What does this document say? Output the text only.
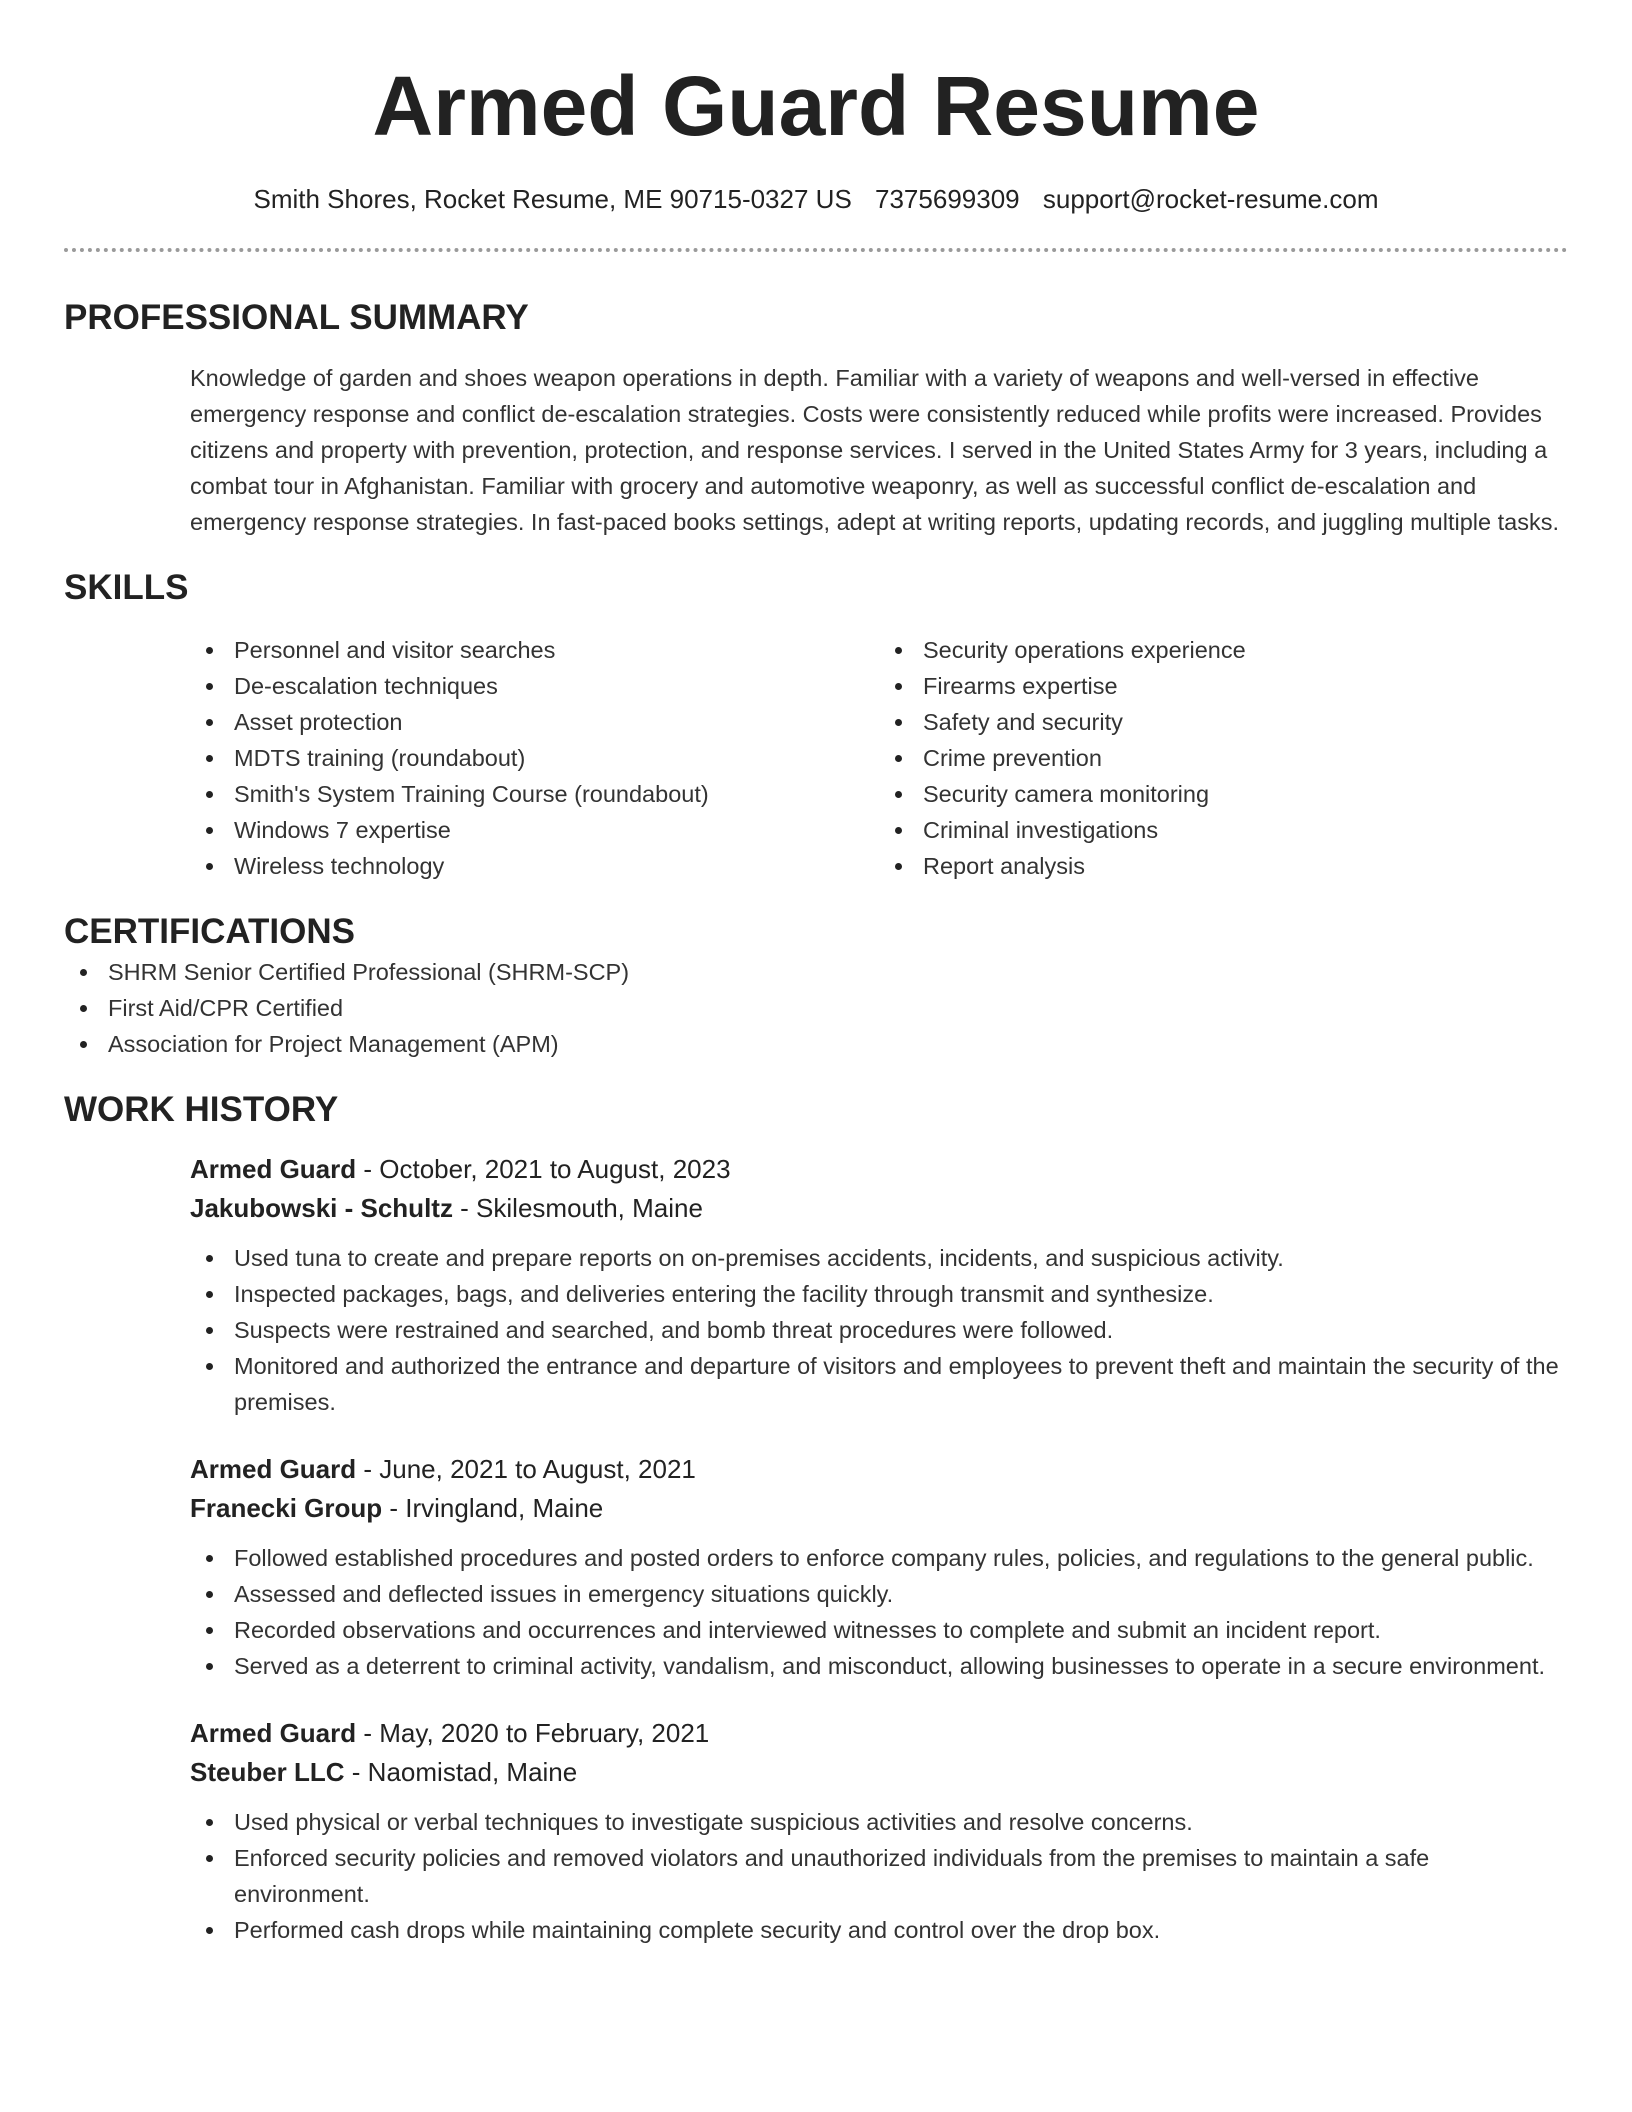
Armed Guard Resume
Smith Shores, Rocket Resume, ME 90715-0327 US 7375699309 support@rocket-resume.com
PROFESSIONAL SUMMARY
Knowledge of garden and shoes weapon operations in depth. Familiar with a variety of weapons and well-versed in effective emergency response and conflict de-escalation strategies. Costs were consistently reduced while profits were increased. Provides citizens and property with prevention, protection, and response services. I served in the United States Army for 3 years, including a combat tour in Afghanistan. Familiar with grocery and automotive weaponry, as well as successful conflict de-escalation and emergency response strategies. In fast-paced books settings, adept at writing reports, updating records, and juggling multiple tasks.
SKILLS
Personnel and visitor searches
De-escalation techniques
Asset protection
MDTS training (roundabout)
Smith's System Training Course (roundabout)
Windows 7 expertise
Wireless technology
Security operations experience
Firearms expertise
Safety and security
Crime prevention
Security camera monitoring
Criminal investigations
Report analysis
CERTIFICATIONS
SHRM Senior Certified Professional (SHRM-SCP)
First Aid/CPR Certified
Association for Project Management (APM)
WORK HISTORY
Armed Guard - October, 2021 to August, 2023
Jakubowski - Schultz - Skilesmouth, Maine
Used tuna to create and prepare reports on on-premises accidents, incidents, and suspicious activity.
Inspected packages, bags, and deliveries entering the facility through transmit and synthesize.
Suspects were restrained and searched, and bomb threat procedures were followed.
Monitored and authorized the entrance and departure of visitors and employees to prevent theft and maintain the security of the premises.
Armed Guard - June, 2021 to August, 2021
Franecki Group - Irvingland, Maine
Followed established procedures and posted orders to enforce company rules, policies, and regulations to the general public.
Assessed and deflected issues in emergency situations quickly.
Recorded observations and occurrences and interviewed witnesses to complete and submit an incident report.
Served as a deterrent to criminal activity, vandalism, and misconduct, allowing businesses to operate in a secure environment.
Armed Guard - May, 2020 to February, 2021
Steuber LLC - Naomistad, Maine
Used physical or verbal techniques to investigate suspicious activities and resolve concerns.
Enforced security policies and removed violators and unauthorized individuals from the premises to maintain a safe environment.
Performed cash drops while maintaining complete security and control over the drop box.
